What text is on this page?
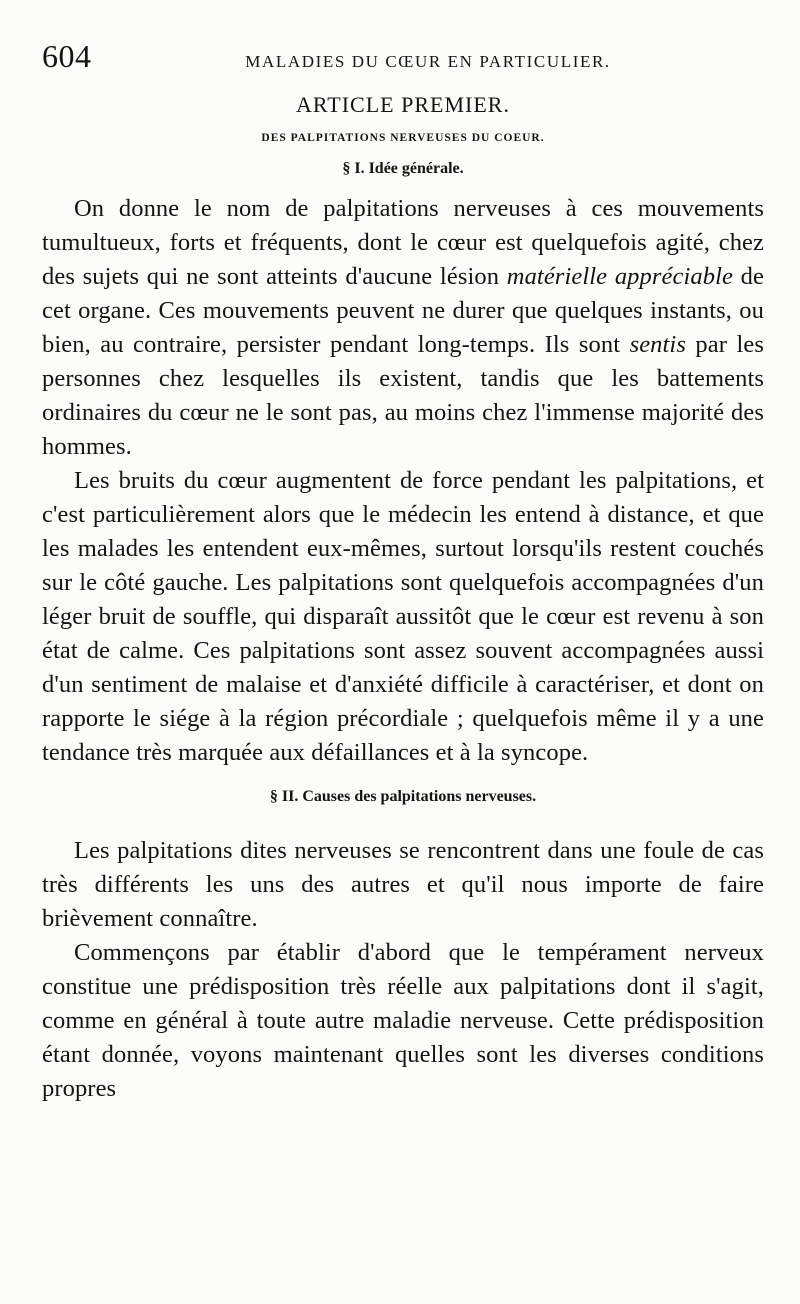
604	MALADIES DU CŒUR EN PARTICULIER.
ARTICLE PREMIER.
DES PALPITATIONS NERVEUSES DU COEUR.
§ I. Idée générale.

On donne le nom de palpitations nerveuses à ces mouvements tumultueux, forts et fréquents, dont le cœur est quelquefois agité, chez des sujets qui ne sont atteints d'aucune lésion matérielle appréciable de cet organe. Ces mouvements peuvent ne durer que quelques instants, ou bien, au contraire, persister pendant long-temps. Ils sont sentis par les personnes chez lesquelles ils existent, tandis que les battements ordinaires du cœur ne le sont pas, au moins chez l'immense majorité des hommes.

Les bruits du cœur augmentent de force pendant les palpitations, et c'est particulièrement alors que le médecin les entend à distance, et que les malades les entendent eux-mêmes, surtout lorsqu'ils restent couchés sur le côté gauche. Les palpitations sont quelquefois accompagnées d'un léger bruit de souffle, qui disparaît aussitôt que le cœur est revenu à son état de calme. Ces palpitations sont assez souvent accompagnées aussi d'un sentiment de malaise et d'anxiété difficile à caractériser, et dont on rapporte le siége à la région précordiale ; quelquefois même il y a une tendance très marquée aux défaillances et à la syncope.

§ II. Causes des palpitations nerveuses.

Les palpitations dites nerveuses se rencontrent dans une foule de cas très différents les uns des autres et qu'il nous importe de faire brièvement connaître.

Commençons par établir d'abord que le tempérament nerveux constitue une prédisposition très réelle aux palpitations dont il s'agit, comme en général à toute autre maladie nerveuse. Cette prédisposition étant donnée, voyons maintenant quelles sont les diverses conditions propres
